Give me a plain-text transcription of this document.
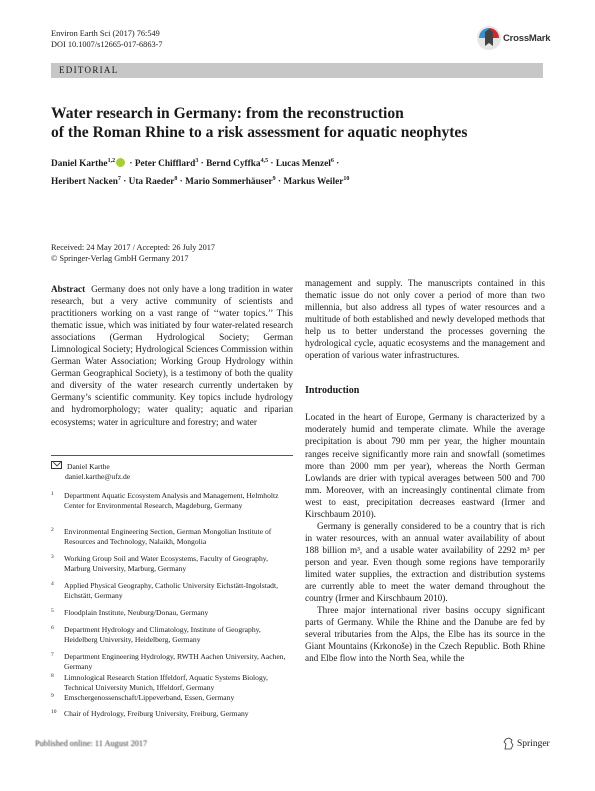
Environ Earth Sci (2017) 76:549
DOI 10.1007/s12665-017-6863-7
CrossMark
EDITORIAL
Water research in Germany: from the reconstruction
of the Roman Rhine to a risk assessment for aquatic neophytes
Daniel Karthe$^{1,2}$ · Peter Chifflard$^3$ · Bernd Cyffka$^{4,5}$ · Lucas Menzel$^6$ ·
Heribert Nacken$^7$ · Uta Raeder$^8$ · Mario Sommerhäuser$^9$ · Markus Weiler$^{10}$
Received: 24 May 2017 / Accepted: 26 July 2017
© Springer-Verlag GmbH Germany 2017

Abstract Germany does not only have a long tradition in water research, but a very active community of scientists and practitioners working on a vast range of ‘‘water topics.’’ This thematic issue, which was initiated by four water-related research associations (German Hydrological Society; German Limnological Society; Hydrological Sciences Commission within German Water Association; Working Group Hydrology within German Geographical Society), is a testimony of both the quality and diversity of the water research currently undertaken by Germany’s scientific community. Key topics include hydrology and hydromorphology; water quality; aquatic and riparian ecosystems; water in agriculture and forestry; and water

Daniel Karthe
daniel.karthe@ufz.de
1 Department Aquatic Ecosystem Analysis and Management, Helmholtz Center for Environmental Research, Magdeburg, Germany
2 Environmental Engineering Section, German Mongolian Institute of Resources and Technology, Nalaikh, Mongolia
3 Working Group Soil and Water Ecosystems, Faculty of Geography, Marburg University, Marburg, Germany
4 Applied Physical Geography, Catholic University Eichstätt-Ingolstadt, Eichstätt, Germany
5 Floodplain Institute, Neuburg/Donau, Germany
6 Department Hydrology and Climatology, Institute of Geography, Heidelberg University, Heidelberg, Germany
7 Department Engineering Hydrology, RWTH Aachen University, Aachen, Germany
8 Limnological Research Station Iffeldorf, Aquatic Systems Biology, Technical University Munich, Iffeldorf, Germany
9 Emschergenossenschaft/Lippeverband, Essen, Germany
10 Chair of Hydrology, Freiburg University, Freiburg, Germany

management and supply. The manuscripts contained in this thematic issue do not only cover a period of more than two millennia, but also address all types of water resources and a multitude of both established and newly developed methods that help us to better understand the processes governing the hydrological cycle, aquatic ecosystems and the management and operation of various water infrastructures.

Introduction

Located in the heart of Europe, Germany is characterized by a moderately humid and temperate climate. While the average precipitation is about 790 mm per year, the higher mountain ranges receive significantly more rain and snowfall (sometimes more than 2000 mm per year), whereas the North German Lowlands are drier with typical averages between 500 and 700 mm. Moreover, with an increasingly continental climate from west to east, precipitation decreases eastward (Irmer and Kirschbaum 2010).

Germany is generally considered to be a country that is rich in water resources, with an annual water availability of about 188 billion m³, and a usable water availability of 2292 m³ per person and year. Even though some regions have temporarily limited water supplies, the extraction and distribution systems are currently able to meet the water demand throughout the country (Irmer and Kirschbaum 2010).

Three major international river basins occupy significant parts of Germany. While the Rhine and the Danube are fed by several tributaries from the Alps, the Elbe has its source in the Giant Mountains (Krkonoše) in the Czech Republic. Both Rhine and Elbe flow into the North Sea, while the

Published online: 11 August 2017	Springer
